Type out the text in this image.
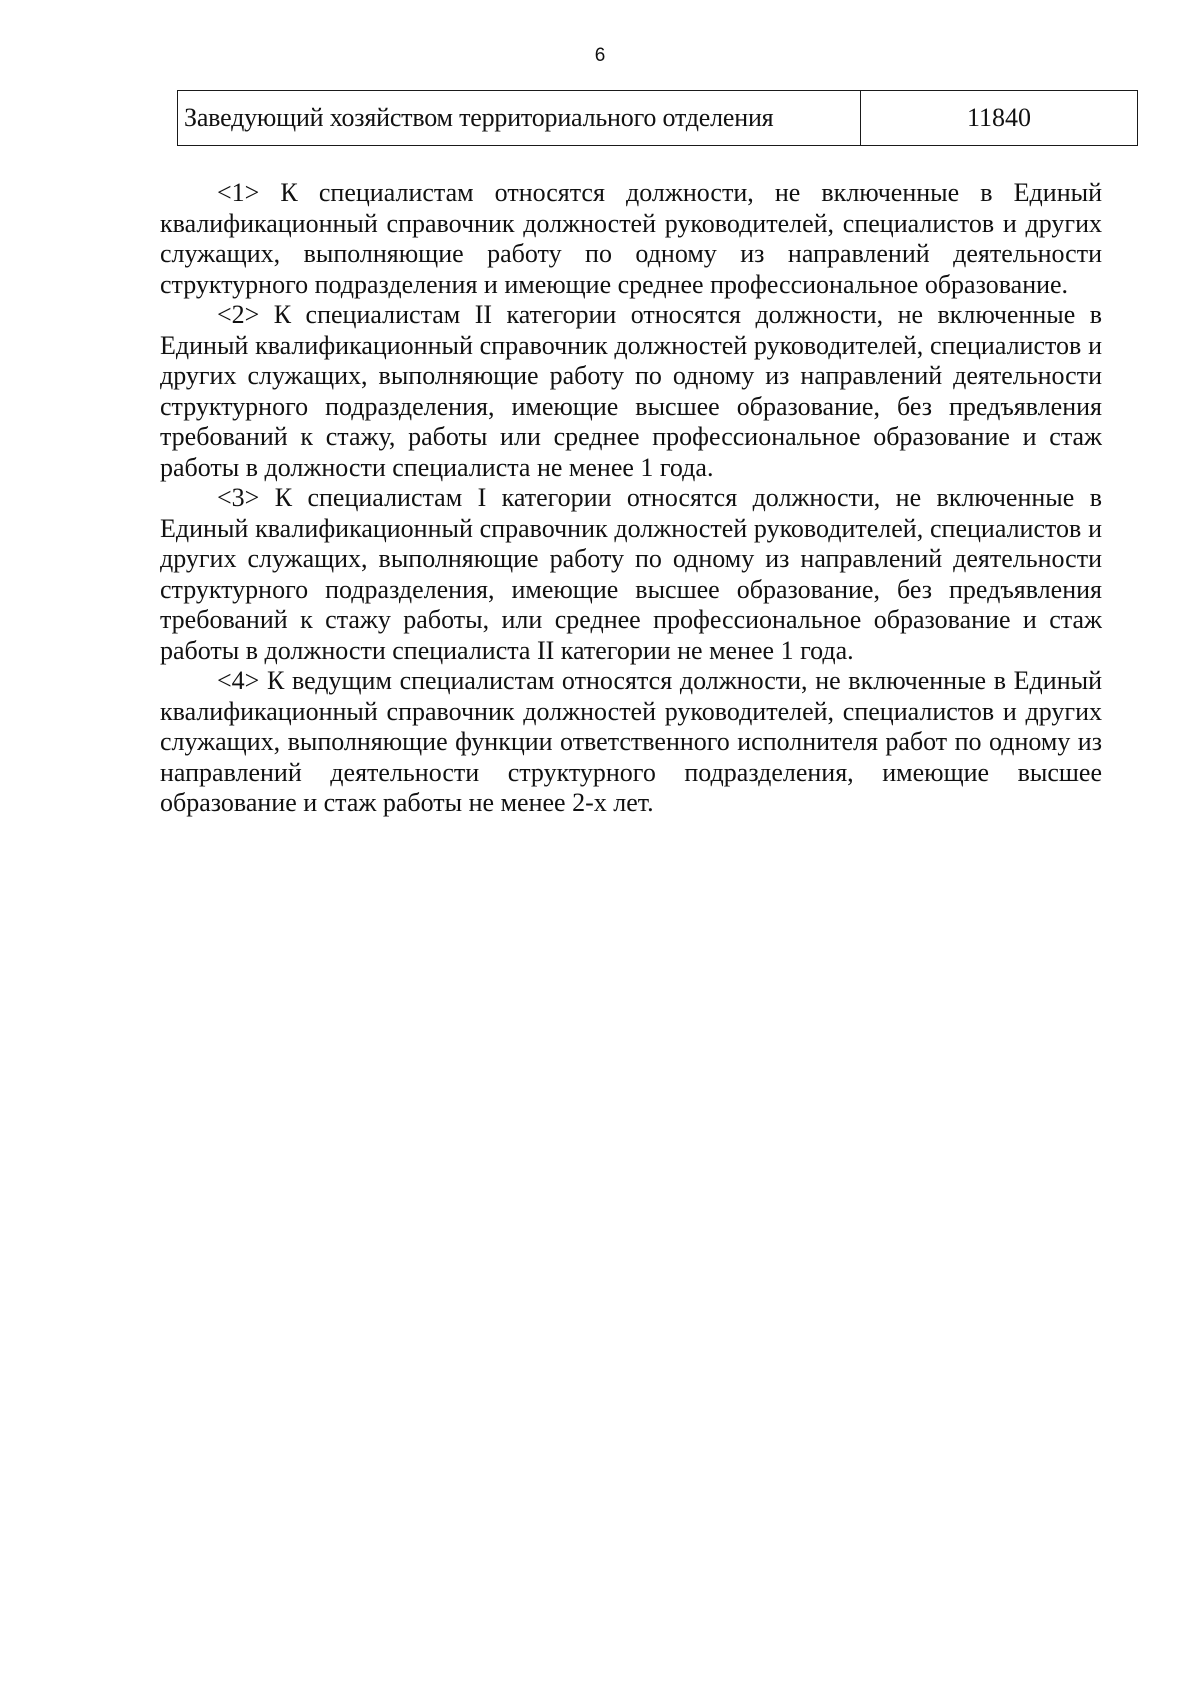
6
Заведующий хозяйством территориального отделения	11840

<1> К специалистам относятся должности, не включенные в Единый квалификационный справочник должностей руководителей, специалистов и других служащих, выполняющие работу по одному из направлений деятельности структурного подразделения и имеющие среднее профессиональное образование.

<2> К специалистам II категории относятся должности, не включенные в Единый квалификационный справочник должностей руководителей, специалистов и других служащих, выполняющие работу по одному из направлений деятельности структурного подразделения, имеющие высшее образование, без предъявления требований к стажу, работы или среднее профессиональное образование и стаж работы в должности специалиста не менее 1 года.

<3> К специалистам I категории относятся должности, не включенные в Единый квалификационный справочник должностей руководителей, специалистов и других служащих, выполняющие работу по одному из направлений деятельности структурного подразделения, имеющие высшее образование, без предъявления требований к стажу работы, или среднее профессиональное образование и стаж работы в должности специалиста II категории не менее 1 года.

<4> К ведущим специалистам относятся должности, не включенные в Единый квалификационный справочник должностей руководителей, специалистов и других служащих, выполняющие функции ответственного исполнителя работ по одному из направлений деятельности структурного подразделения, имеющие высшее образование и стаж работы не менее 2-х лет.
